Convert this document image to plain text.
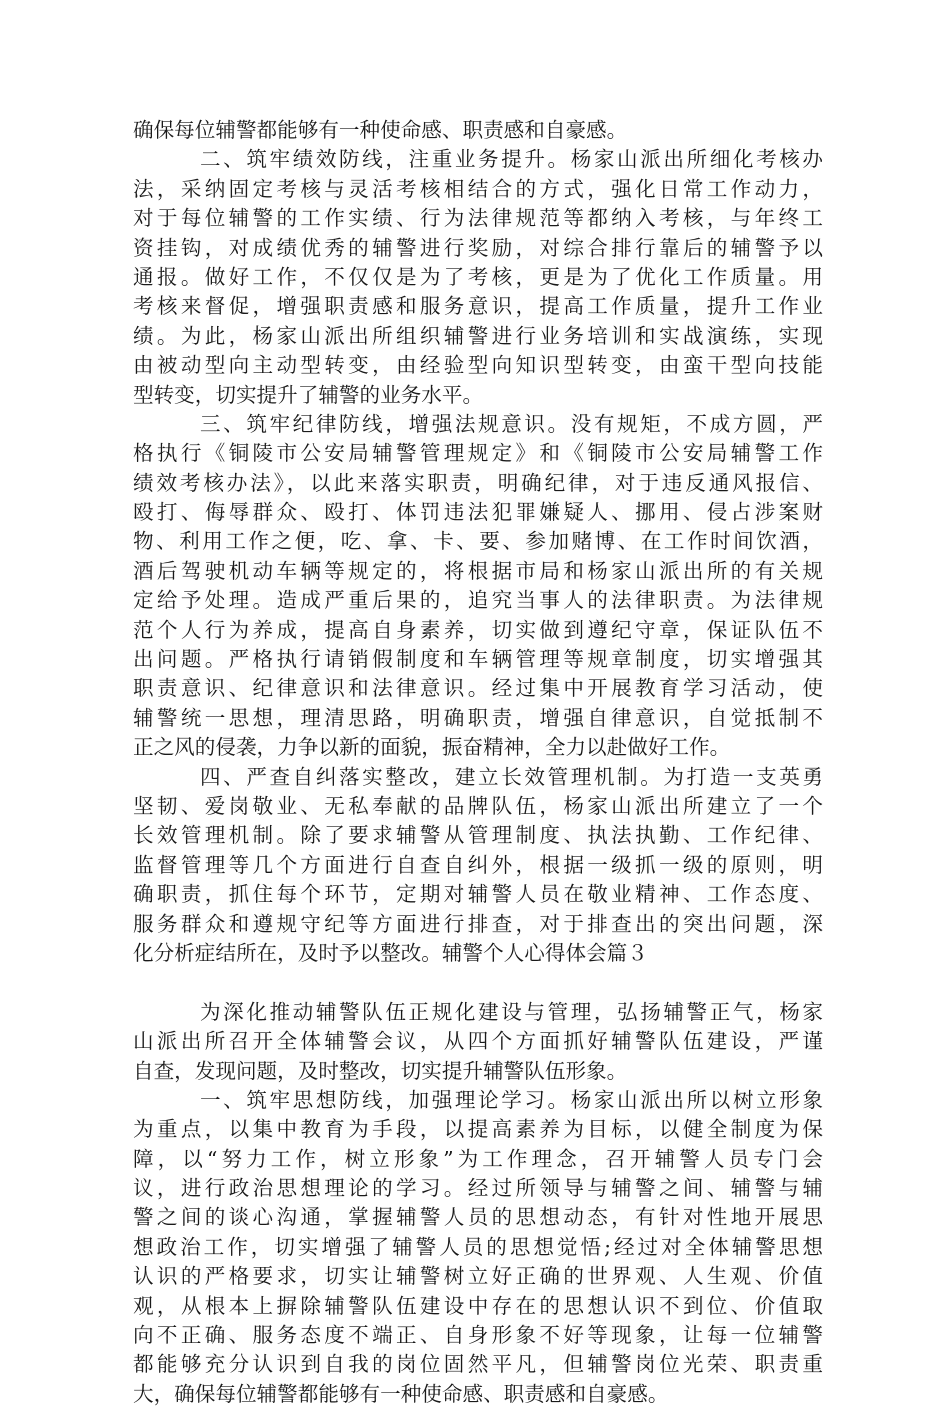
确保每位辅警都能够有一种使命感、职责感和自豪感。
二、筑牢绩效防线，注重业务提升。杨家山派出所细化考核办
法，采纳固定考核与灵活考核相结合的方式，强化日常工作动力，
对于每位辅警的工作实绩、行为法律规范等都纳入考核，与年终工
资挂钩，对成绩优秀的辅警进行奖励，对综合排行靠后的辅警予以
通报。做好工作，不仅仅是为了考核，更是为了优化工作质量。用
考核来督促，增强职责感和服务意识，提高工作质量，提升工作业
绩。为此，杨家山派出所组织辅警进行业务培训和实战演练，实现
由被动型向主动型转变，由经验型向知识型转变，由蛮干型向技能
型转变，切实提升了辅警的业务水平。
三、筑牢纪律防线，增强法规意识。没有规矩，不成方圆，严
格执行《铜陵市公安局辅警管理规定》和《铜陵市公安局辅警工作
绩效考核办法》，以此来落实职责，明确纪律，对于违反通风报信、
殴打、侮辱群众、殴打、体罚违法犯罪嫌疑人、挪用、侵占涉案财
物、利用工作之便，吃、拿、卡、要、参加赌博、在工作时间饮酒，
酒后驾驶机动车辆等规定的，将根据市局和杨家山派出所的有关规
定给予处理。造成严重后果的，追究当事人的法律职责。为法律规
范个人行为养成，提高自身素养，切实做到遵纪守章，保证队伍不
出问题。严格执行请销假制度和车辆管理等规章制度，切实增强其
职责意识、纪律意识和法律意识。经过集中开展教育学习活动，使
辅警统一思想，理清思路，明确职责，增强自律意识，自觉抵制不
正之风的侵袭，力争以新的面貌，振奋精神，全力以赴做好工作。
四、严查自纠落实整改，建立长效管理机制。为打造一支英勇
坚韧、爱岗敬业、无私奉献的品牌队伍，杨家山派出所建立了一个
长效管理机制。除了要求辅警从管理制度、执法执勤、工作纪律、
监督管理等几个方面进行自查自纠外，根据一级抓一级的原则，明
确职责，抓住每个环节，定期对辅警人员在敬业精神、工作态度、
服务群众和遵规守纪等方面进行排查，对于排查出的突出问题，深
化分析症结所在，及时予以整改。辅警个人心得体会篇３
为深化推动辅警队伍正规化建设与管理，弘扬辅警正气，杨家
山派出所召开全体辅警会议，从四个方面抓好辅警队伍建设，严谨
自查，发现问题，及时整改，切实提升辅警队伍形象。
一、筑牢思想防线，加强理论学习。杨家山派出所以树立形象
为重点，以集中教育为手段，以提高素养为目标，以健全制度为保
障，以“努力工作，树立形象”为工作理念，召开辅警人员专门会
议，进行政治思想理论的学习。经过所领导与辅警之间、辅警与辅
警之间的谈心沟通，掌握辅警人员的思想动态，有针对性地开展思
想政治工作，切实增强了辅警人员的思想觉悟;经过对全体辅警思想
认识的严格要求，切实让辅警树立好正确的世界观、人生观、价值
观，从根本上摒除辅警队伍建设中存在的思想认识不到位、价值取
向不正确、服务态度不端正、自身形象不好等现象，让每一位辅警
都能够充分认识到自我的岗位固然平凡，但辅警岗位光荣、职责重
大，确保每位辅警都能够有一种使命感、职责感和自豪感。
